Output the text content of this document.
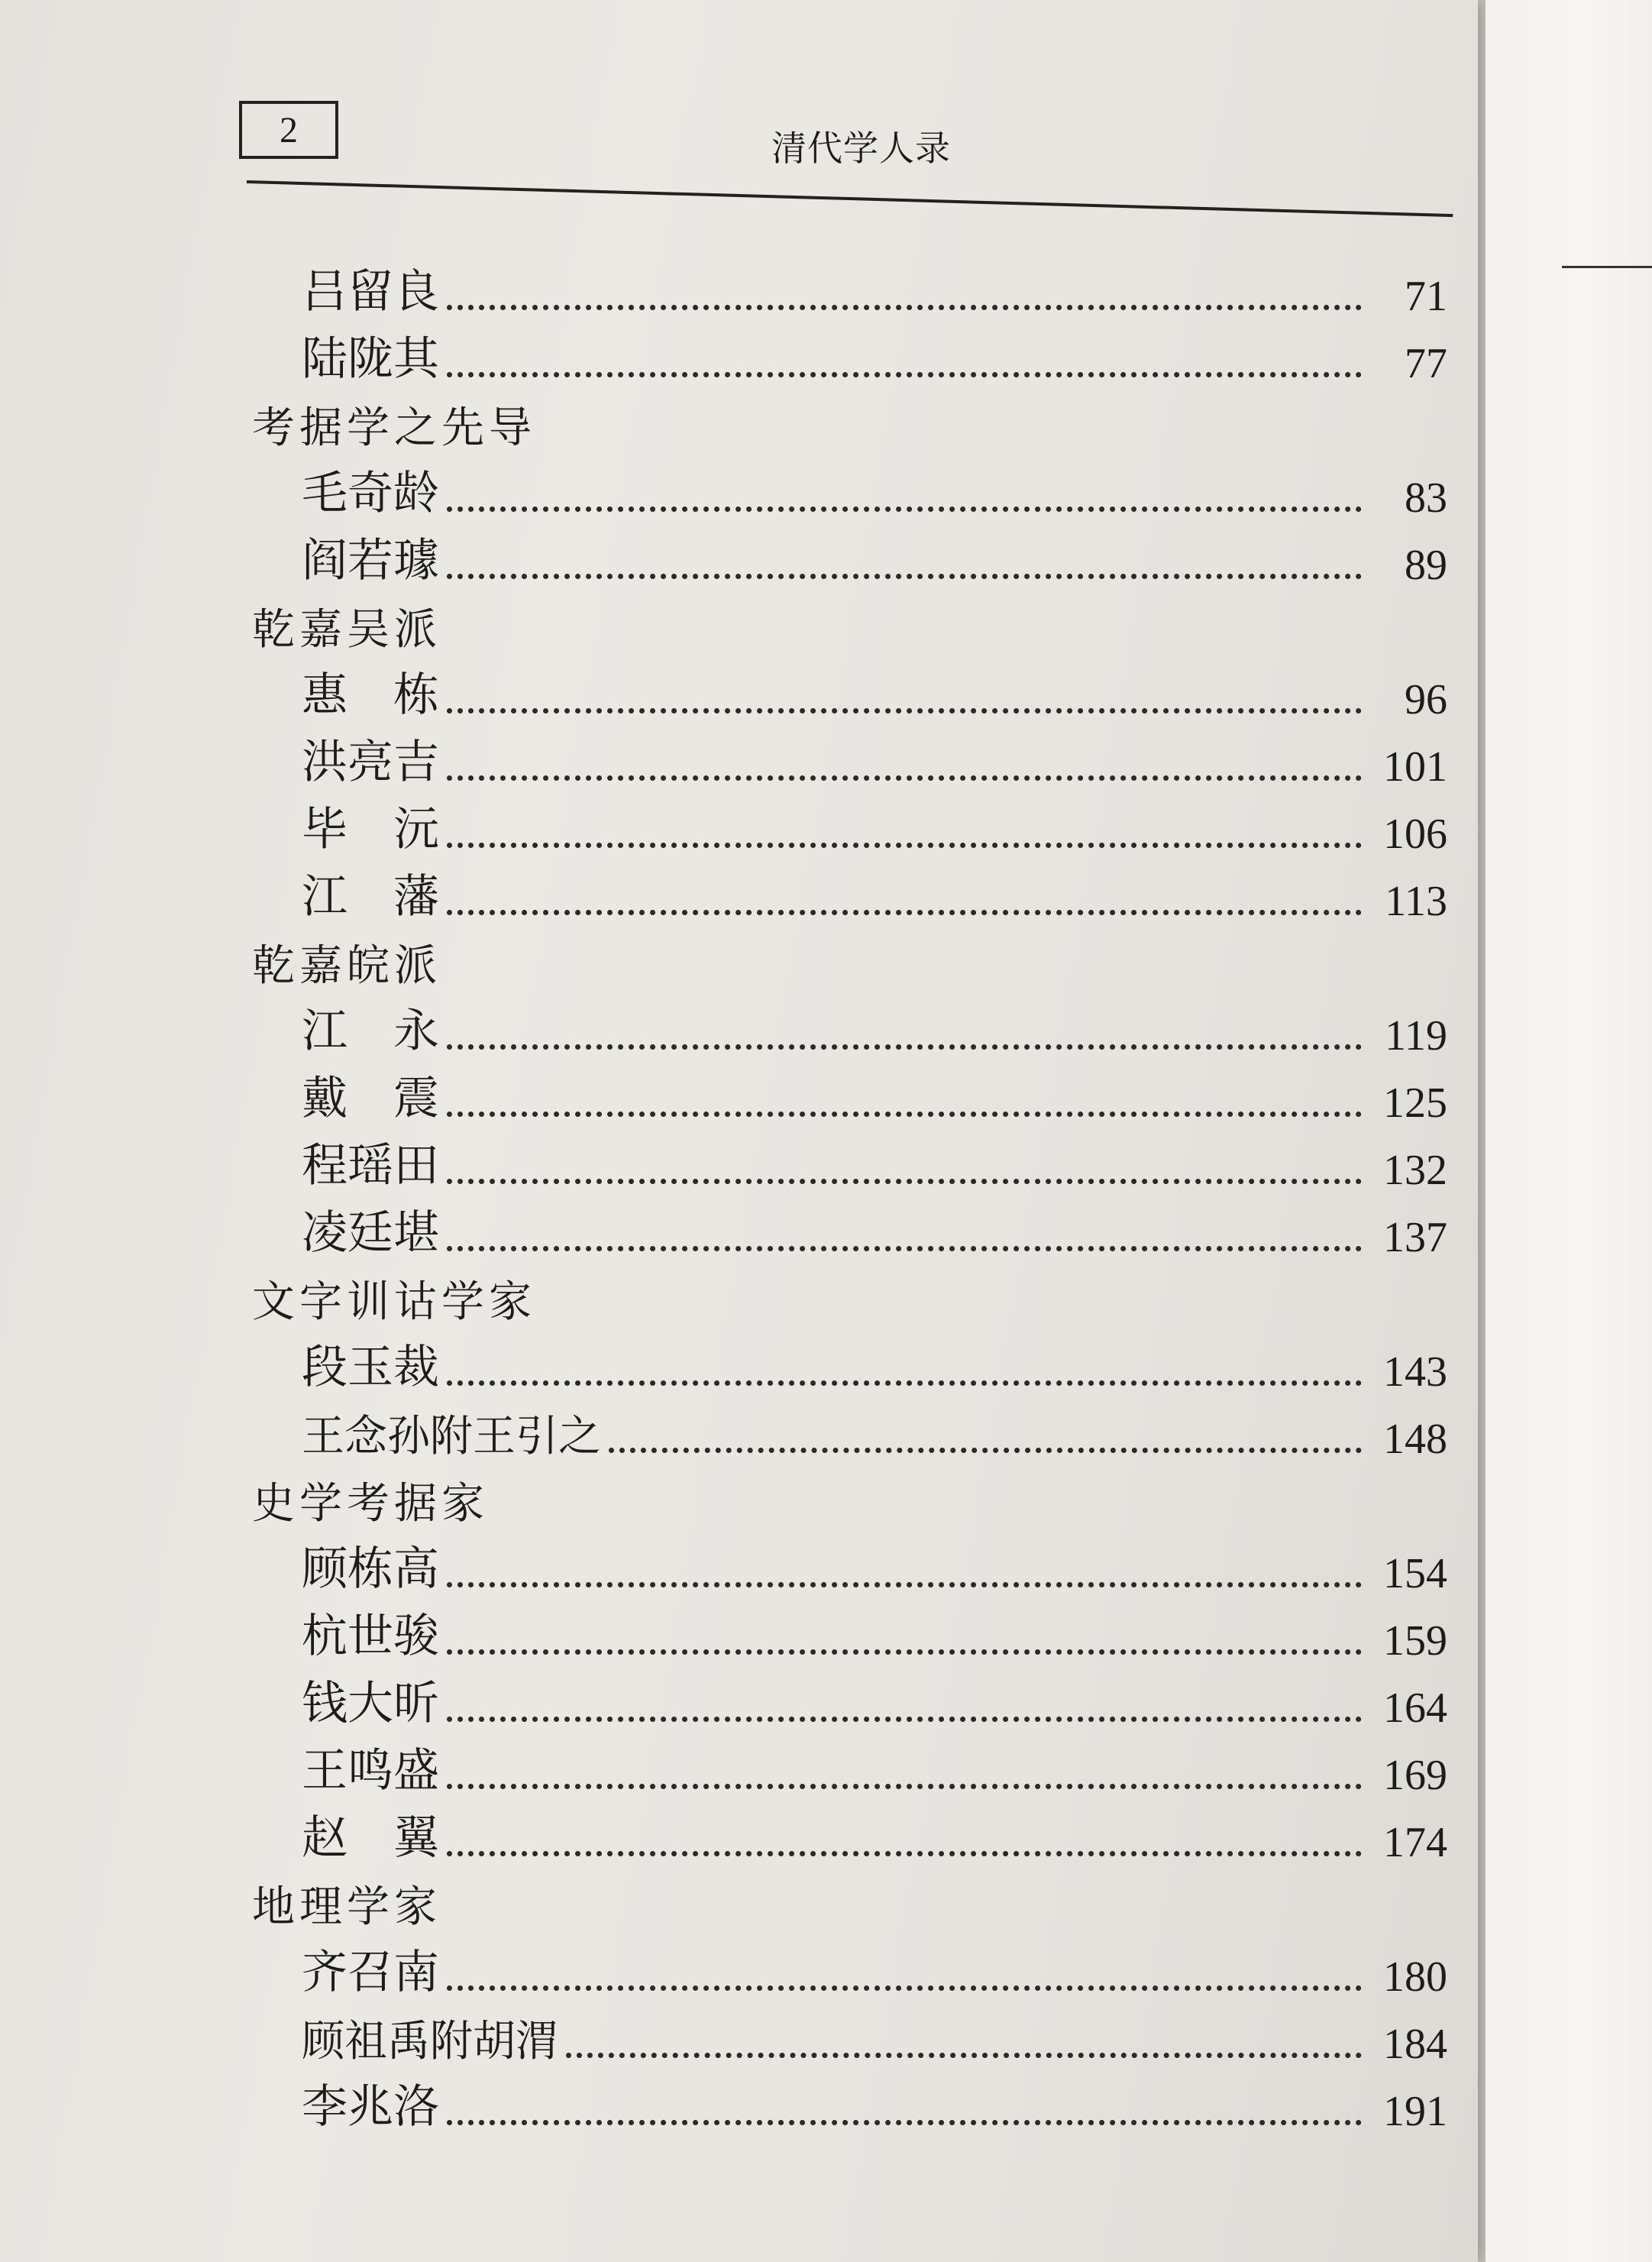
2	清代学人录
吕留良	71
陆陇其	77
考据学之先导
毛奇龄	83
阎若璩	89
乾嘉吴派
惠　栋	96
洪亮吉	101
毕　沅	106
江　藩	113
乾嘉皖派
江　永	119
戴　震	125
程瑶田	132
凌廷堪	137
文字训诂学家
段玉裁	143
王念孙附王引之	148
史学考据家
顾栋高	154
杭世骏	159
钱大昕	164
王鸣盛	169
赵　翼	174
地理学家
齐召南	180
顾祖禹附胡渭	184
李兆洛	191
